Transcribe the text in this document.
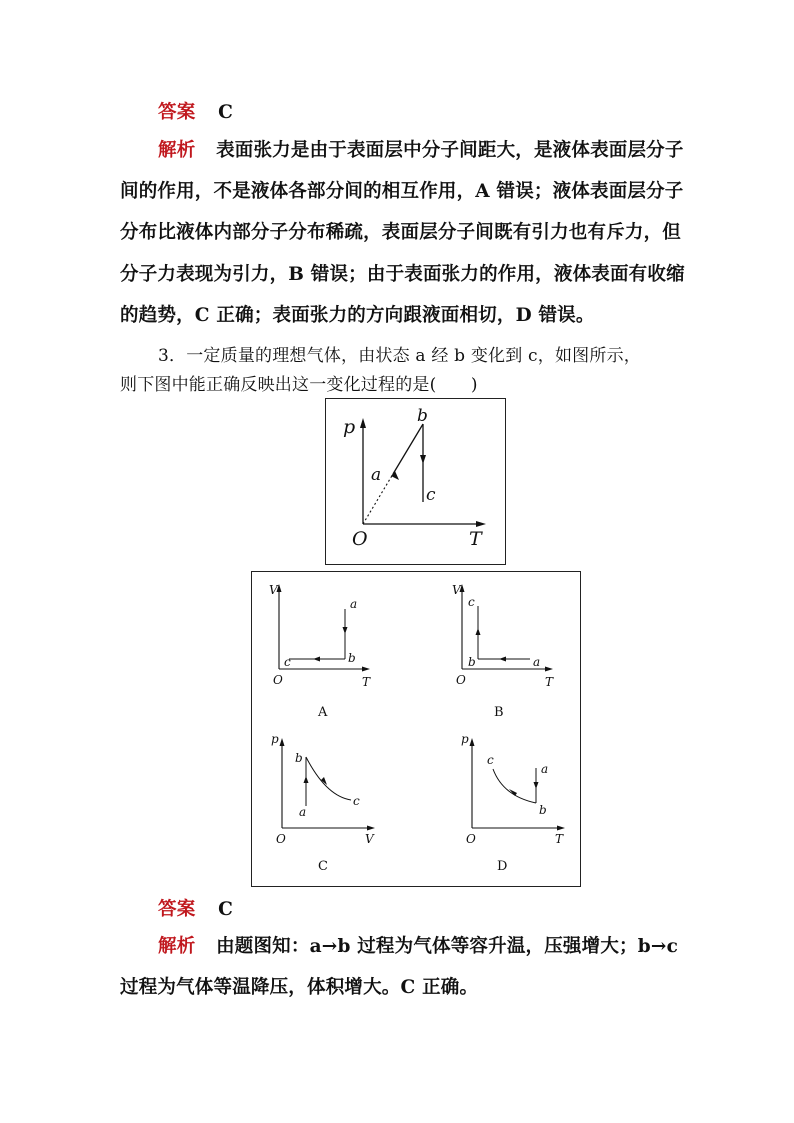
答案 C
解析 表面张力是由于表面层中分子间距大，是液体表面层分子
间的作用，不是液体各部分间的相互作用，A 错误；液体表面层分子
分布比液体内部分子分布稀疏，表面层分子间既有引力也有斥力，但
分子力表现为引力，B 错误；由于表面张力的作用，液体表面有收缩
的趋势，C 正确；表面张力的方向跟液面相切，D 错误。
3．一定质量的理想气体，由状态 a 经 b 变化到 c，如图所示，
则下图中能正确反映出这一变化过程的是(　　)
p
T
O
a
b
c
V
T
O
a
b
c
A
V
T
O
a
b
c
B
p
V
O
a
b
c
C
p
T
O
a
b
c
D
答案 C
解析 由题图知：a→b 过程为气体等容升温，压强增大；b→c
过程为气体等温降压，体积增大。C 正确。
